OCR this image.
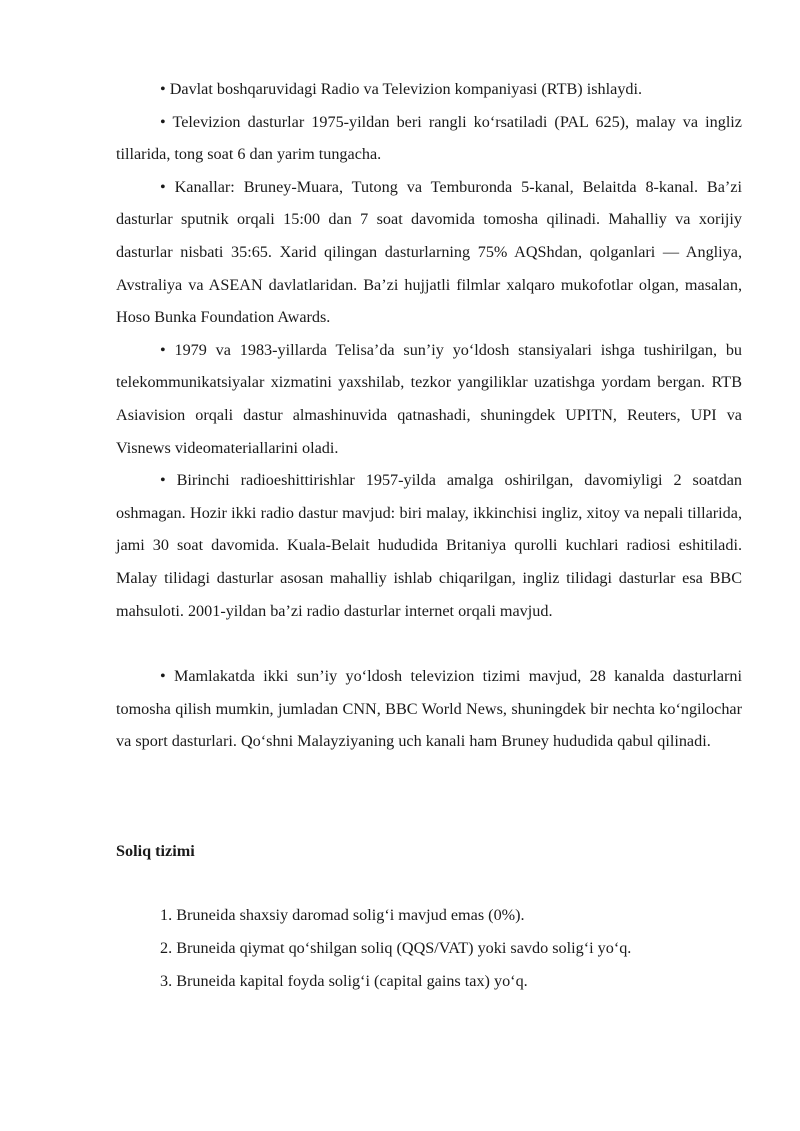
• Davlat boshqaruvidagi Radio va Televizion kompaniyasi (RTB) ishlaydi.

• Televizion dasturlar 1975-yildan beri rangli ko‘rsatiladi (PAL 625), malay va ingliz tillarida, tong soat 6 dan yarim tungacha.

• Kanallar: Bruney-Muara, Tutong va Temburonda 5-kanal, Belaitda 8-kanal. Ba’zi dasturlar sputnik orqali 15:00 dan 7 soat davomida tomosha qilinadi. Mahalliy va xorijiy dasturlar nisbati 35:65. Xarid qilingan dasturlarning 75% AQShdan, qolganlari — Angliya, Avstraliya va ASEAN davlatlaridan. Ba’zi hujjatli filmlar xalqaro mukofotlar olgan, masalan, Hoso Bunka Foundation Awards.

• 1979 va 1983-yillarda Telisa’da sun’iy yo‘ldosh stansiyalari ishga tushirilgan, bu telekommunikatsiyalar xizmatini yaxshilab, tezkor yangiliklar uzatishga yordam bergan. RTB Asiavision orqali dastur almashinuvida qatnashadi, shuningdek UPITN, Reuters, UPI va Visnews videomateriallarini oladi.

• Birinchi radioeshittirishlar 1957-yilda amalga oshirilgan, davomiyligi 2 soatdan oshmagan. Hozir ikki radio dastur mavjud: biri malay, ikkinchisi ingliz, xitoy va nepali tillarida, jami 30 soat davomida. Kuala-Belait hududida Britaniya qurolli kuchlari radiosi eshitiladi. Malay tilidagi dasturlar asosan mahalliy ishlab chiqarilgan, ingliz tilidagi dasturlar esa BBC mahsuloti. 2001-yildan ba’zi radio dasturlar internet orqali mavjud.

• Mamlakatda ikki sun’iy yo‘ldosh televizion tizimi mavjud, 28 kanalda dasturlarni tomosha qilish mumkin, jumladan CNN, BBC World News, shuningdek bir nechta ko‘ngilochar va sport dasturlari. Qo‘shni Malayziyaning uch kanali ham Bruney hududida qabul qilinadi.

Soliq tizimi

1. Bruneida shaxsiy daromad solig‘i mavjud emas (0%).
2. Bruneida qiymat qo‘shilgan soliq (QQS/VAT) yoki savdo solig‘i yo‘q.
3. Bruneida kapital foyda solig‘i (capital gains tax) yo‘q.
